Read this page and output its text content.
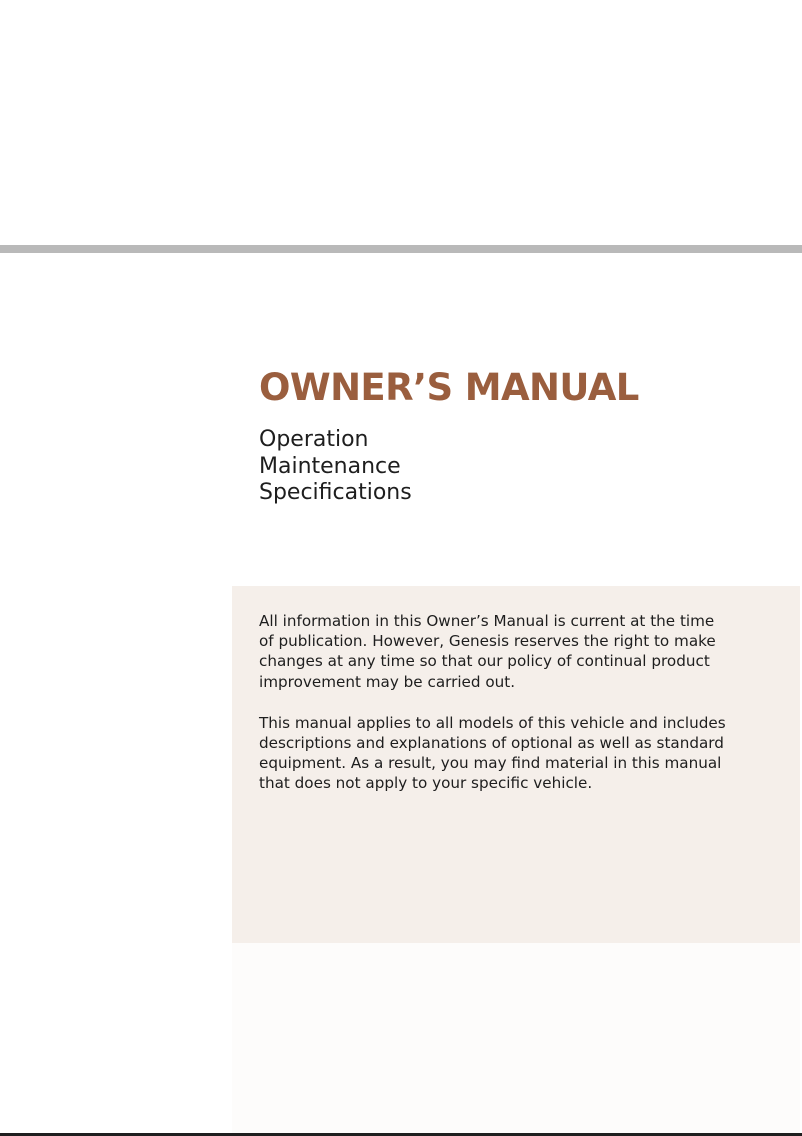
OWNER’S MANUAL
Operation
Maintenance
Specifications

All information in this Owner’s Manual is current at the time of publication. However, Genesis reserves the right to make changes at any time so that our policy of continual product improvement may be carried out.

This manual applies to all models of this vehicle and includes descriptions and explanations of optional as well as standard equipment. As a result, you may find material in this manual that does not apply to your specific vehicle.
